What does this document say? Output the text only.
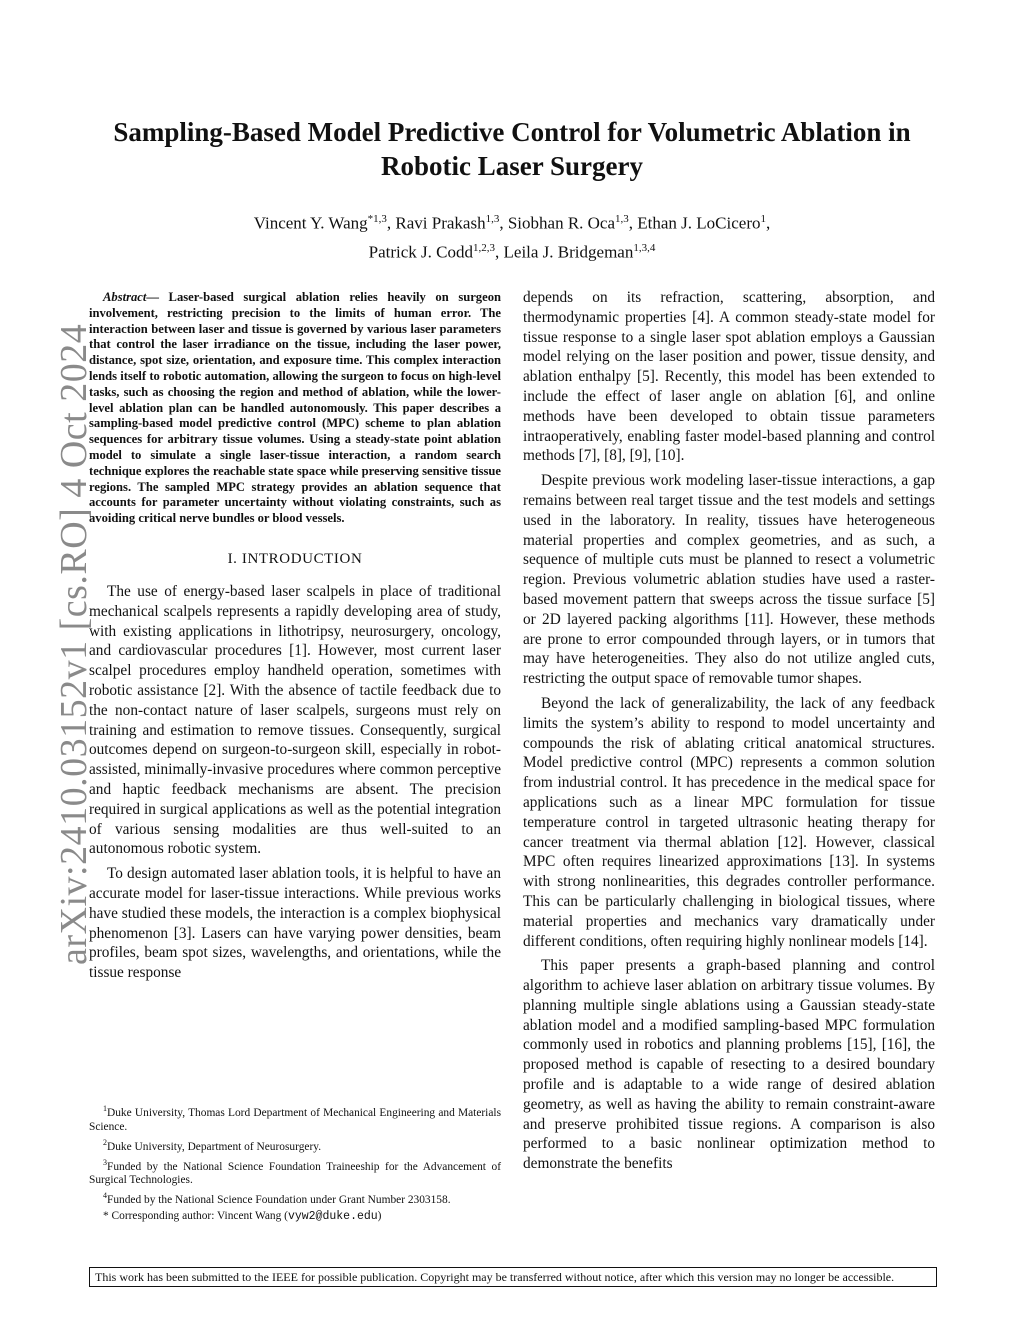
arXiv:2410.03152v1 [cs.RO] 4 Oct 2024
Sampling-Based Model Predictive Control for Volumetric Ablation in Robotic Laser Surgery
Vincent Y. Wang$^{*1,3}$, Ravi Prakash$^{1,3}$, Siobhan R. Oca$^{1,3}$, Ethan J. LoCicero$^1$,
Patrick J. Codd$^{1,2,3}$, Leila J. Bridgeman$^{1,3,4}$

Abstract— Laser-based surgical ablation relies heavily on surgeon involvement, restricting precision to the limits of human error. The interaction between laser and tissue is governed by various laser parameters that control the laser irradiance on the tissue, including the laser power, distance, spot size, orientation, and exposure time. This complex interaction lends itself to robotic automation, allowing the surgeon to focus on high-level tasks, such as choosing the region and method of ablation, while the lower-level ablation plan can be handled autonomously. This paper describes a sampling-based model predictive control (MPC) scheme to plan ablation sequences for arbitrary tissue volumes. Using a steady-state point ablation model to simulate a single laser-tissue interaction, a random search technique explores the reachable state space while preserving sensitive tissue regions. The sampled MPC strategy provides an ablation sequence that accounts for parameter uncertainty without violating constraints, such as avoiding critical nerve bundles or blood vessels.

I. INTRODUCTION

The use of energy-based laser scalpels in place of traditional mechanical scalpels represents a rapidly developing area of study, with existing applications in lithotripsy, neurosurgery, oncology, and cardiovascular procedures [1]. However, most current laser scalpel procedures employ handheld operation, sometimes with robotic assistance [2]. With the absence of tactile feedback due to the non-contact nature of laser scalpels, surgeons must rely on training and estimation to remove tissues. Consequently, surgical outcomes depend on surgeon-to-surgeon skill, especially in robot-assisted, minimally-invasive procedures where common perceptive and haptic feedback mechanisms are absent. The precision required in surgical applications as well as the potential integration of various sensing modalities are thus well-suited to an autonomous robotic system.

To design automated laser ablation tools, it is helpful to have an accurate model for laser-tissue interactions. While previous works have studied these models, the interaction is a complex biophysical phenomenon [3]. Lasers can have varying power densities, beam profiles, beam spot sizes, wavelengths, and orientations, while the tissue response

$^1$Duke University, Thomas Lord Department of Mechanical Engineering and Materials Science.

$^2$Duke University, Department of Neurosurgery.

$^3$Funded by the National Science Foundation Traineeship for the Advancement of Surgical Technologies.

$^4$Funded by the National Science Foundation under Grant Number 2303158.

* Corresponding author: Vincent Wang (vyw2@duke.edu)

depends on its refraction, scattering, absorption, and thermodynamic properties [4]. A common steady-state model for tissue response to a single laser spot ablation employs a Gaussian model relying on the laser position and power, tissue density, and ablation enthalpy [5]. Recently, this model has been extended to include the effect of laser angle on ablation [6], and online methods have been developed to obtain tissue parameters intraoperatively, enabling faster model-based planning and control methods [7], [8], [9], [10].

Despite previous work modeling laser-tissue interactions, a gap remains between real target tissue and the test models and settings used in the laboratory. In reality, tissues have heterogeneous material properties and complex geometries, and as such, a sequence of multiple cuts must be planned to resect a volumetric region. Previous volumetric ablation studies have used a raster-based movement pattern that sweeps across the tissue surface [5] or 2D layered packing algorithms [11]. However, these methods are prone to error compounded through layers, or in tumors that may have heterogeneities. They also do not utilize angled cuts, restricting the output space of removable tumor shapes.

Beyond the lack of generalizability, the lack of any feedback limits the system’s ability to respond to model uncertainty and compounds the risk of ablating critical anatomical structures. Model predictive control (MPC) represents a common solution from industrial control. It has precedence in the medical space for applications such as a linear MPC formulation for tissue temperature control in targeted ultrasonic heating therapy for cancer treatment via thermal ablation [12]. However, classical MPC often requires linearized approximations [13]. In systems with strong nonlinearities, this degrades controller performance. This can be particularly challenging in biological tissues, where material properties and mechanics vary dramatically under different conditions, often requiring highly nonlinear models [14].

This paper presents a graph-based planning and control algorithm to achieve laser ablation on arbitrary tissue volumes. By planning multiple single ablations using a Gaussian steady-state ablation model and a modified sampling-based MPC formulation commonly used in robotics and planning problems [15], [16], the proposed method is capable of resecting to a desired boundary profile and is adaptable to a wide range of desired ablation geometry, as well as having the ability to remain constraint-aware and preserve prohibited tissue regions. A comparison is also performed to a basic nonlinear optimization method to demonstrate the benefits

This work has been submitted to the IEEE for possible publication. Copyright may be transferred without notice, after which this version may no longer be accessible.
